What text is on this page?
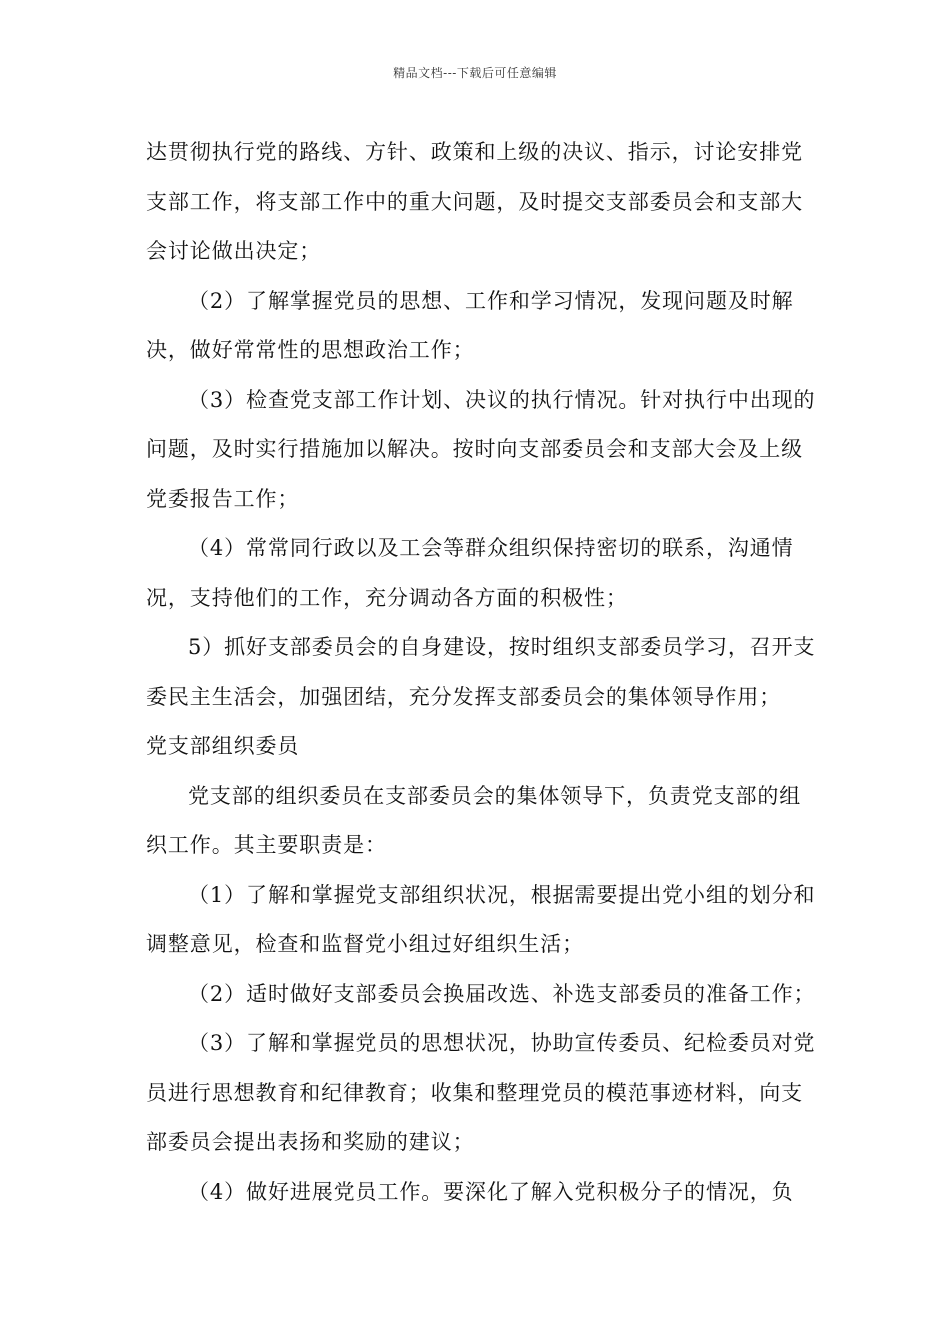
精品文档---下载后可任意编辑

达贯彻执行党的路线、方针、政策和上级的决议、指示，讨论安排党支部工作，将支部工作中的重大问题，及时提交支部委员会和支部大会讨论做出决定；

（2）了解掌握党员的思想、工作和学习情况，发现问题及时解决，做好常常性的思想政治工作；

（3）检查党支部工作计划、决议的执行情况。针对执行中出现的问题，及时实行措施加以解决。按时向支部委员会和支部大会及上级党委报告工作；

（4）常常同行政以及工会等群众组织保持密切的联系，沟通情况，支持他们的工作，充分调动各方面的积极性；

5）抓好支部委员会的自身建设，按时组织支部委员学习，召开支委民主生活会，加强团结，充分发挥支部委员会的集体领导作用；

党支部组织委员

党支部的组织委员在支部委员会的集体领导下，负责党支部的组织工作。其主要职责是：

（1）了解和掌握党支部组织状况，根据需要提出党小组的划分和调整意见，检查和监督党小组过好组织生活；

（2）适时做好支部委员会换届改选、补选支部委员的准备工作；

（3）了解和掌握党员的思想状况，协助宣传委员、纪检委员对党员进行思想教育和纪律教育；收集和整理党员的模范事迹材料，向支部委员会提出表扬和奖励的建议；

（4）做好进展党员工作。要深化了解入党积极分子的情况，负
